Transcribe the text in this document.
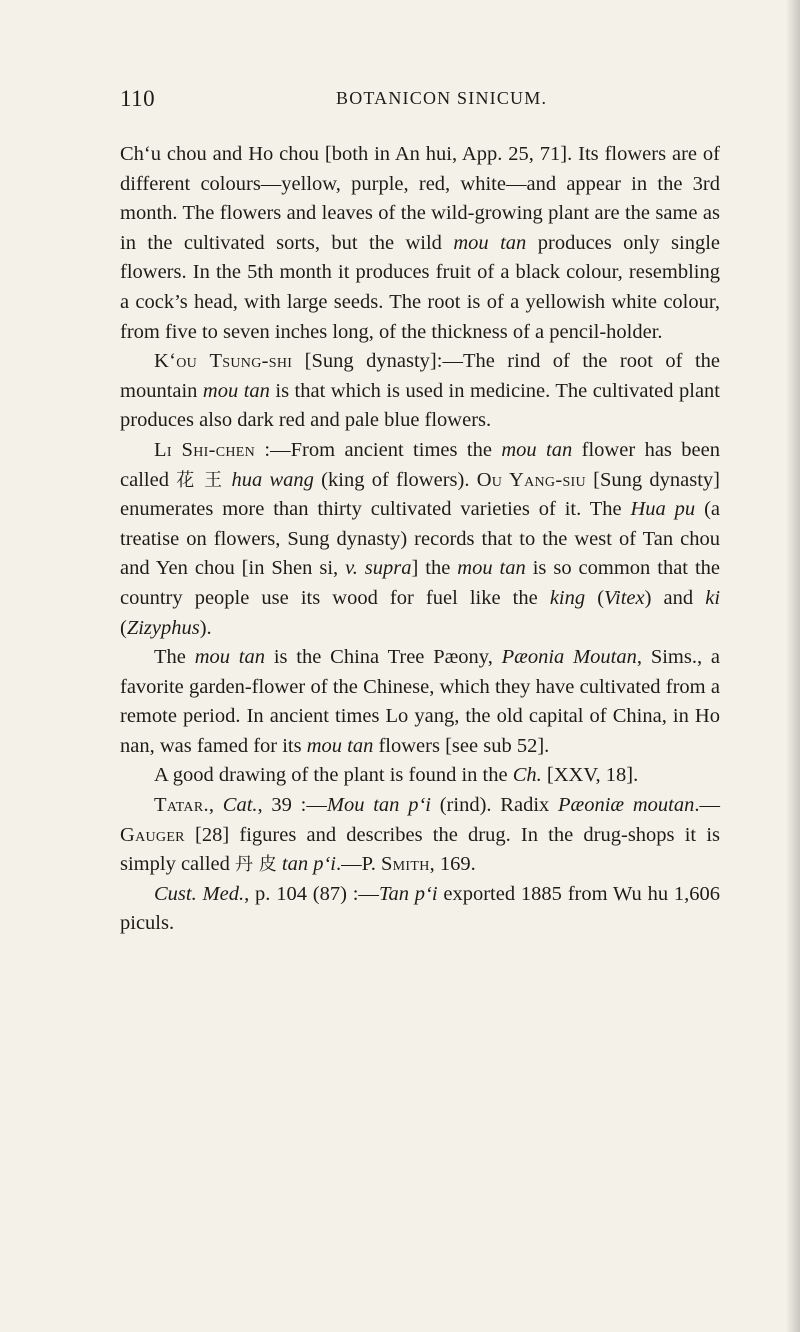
110	BOTANICON SINICUM.

Ch‘u chou and Ho chou [both in An hui, App. 25, 71]. Its flowers are of different colours—yellow, purple, red, white—and appear in the 3rd month. The flowers and leaves of the wild-growing plant are the same as in the cultivated sorts, but the wild mou tan produces only single flowers. In the 5th month it produces fruit of a black colour, resembling a cock’s head, with large seeds. The root is of a yellowish white colour, from five to seven inches long, of the thickness of a pencil-holder.

K‘ou Tsung-shi [Sung dynasty]:—The rind of the root of the mountain mou tan is that which is used in medicine. The cultivated plant produces also dark red and pale blue flowers.

Li Shi-chen :—From ancient times the mou tan flower has been called 花 王 hua wang (king of flowers). Ou Yang-siu [Sung dynasty] enumerates more than thirty cultivated varieties of it. The Hua pu (a treatise on flowers, Sung dynasty) records that to the west of Tan chou and Yen chou [in Shen si, v. supra] the mou tan is so common that the country people use its wood for fuel like the king (Vitex) and ki (Zizyphus).

The mou tan is the China Tree Pæony, Pæonia Moutan, Sims., a favorite garden-flower of the Chinese, which they have cultivated from a remote period. In ancient times Lo yang, the old capital of China, in Ho nan, was famed for its mou tan flowers [see sub 52].

A good drawing of the plant is found in the Ch. [XXV, 18].

Tatar., Cat., 39 :—Mou tan p‘i (rind). Radix Pæoniæ moutan.—Gauger [28] figures and describes the drug. In the drug-shops it is simply called 丹 皮 tan p‘i.—P. Smith, 169.

Cust. Med., p. 104 (87) :—Tan p‘i exported 1885 from Wu hu 1,606 piculs.
